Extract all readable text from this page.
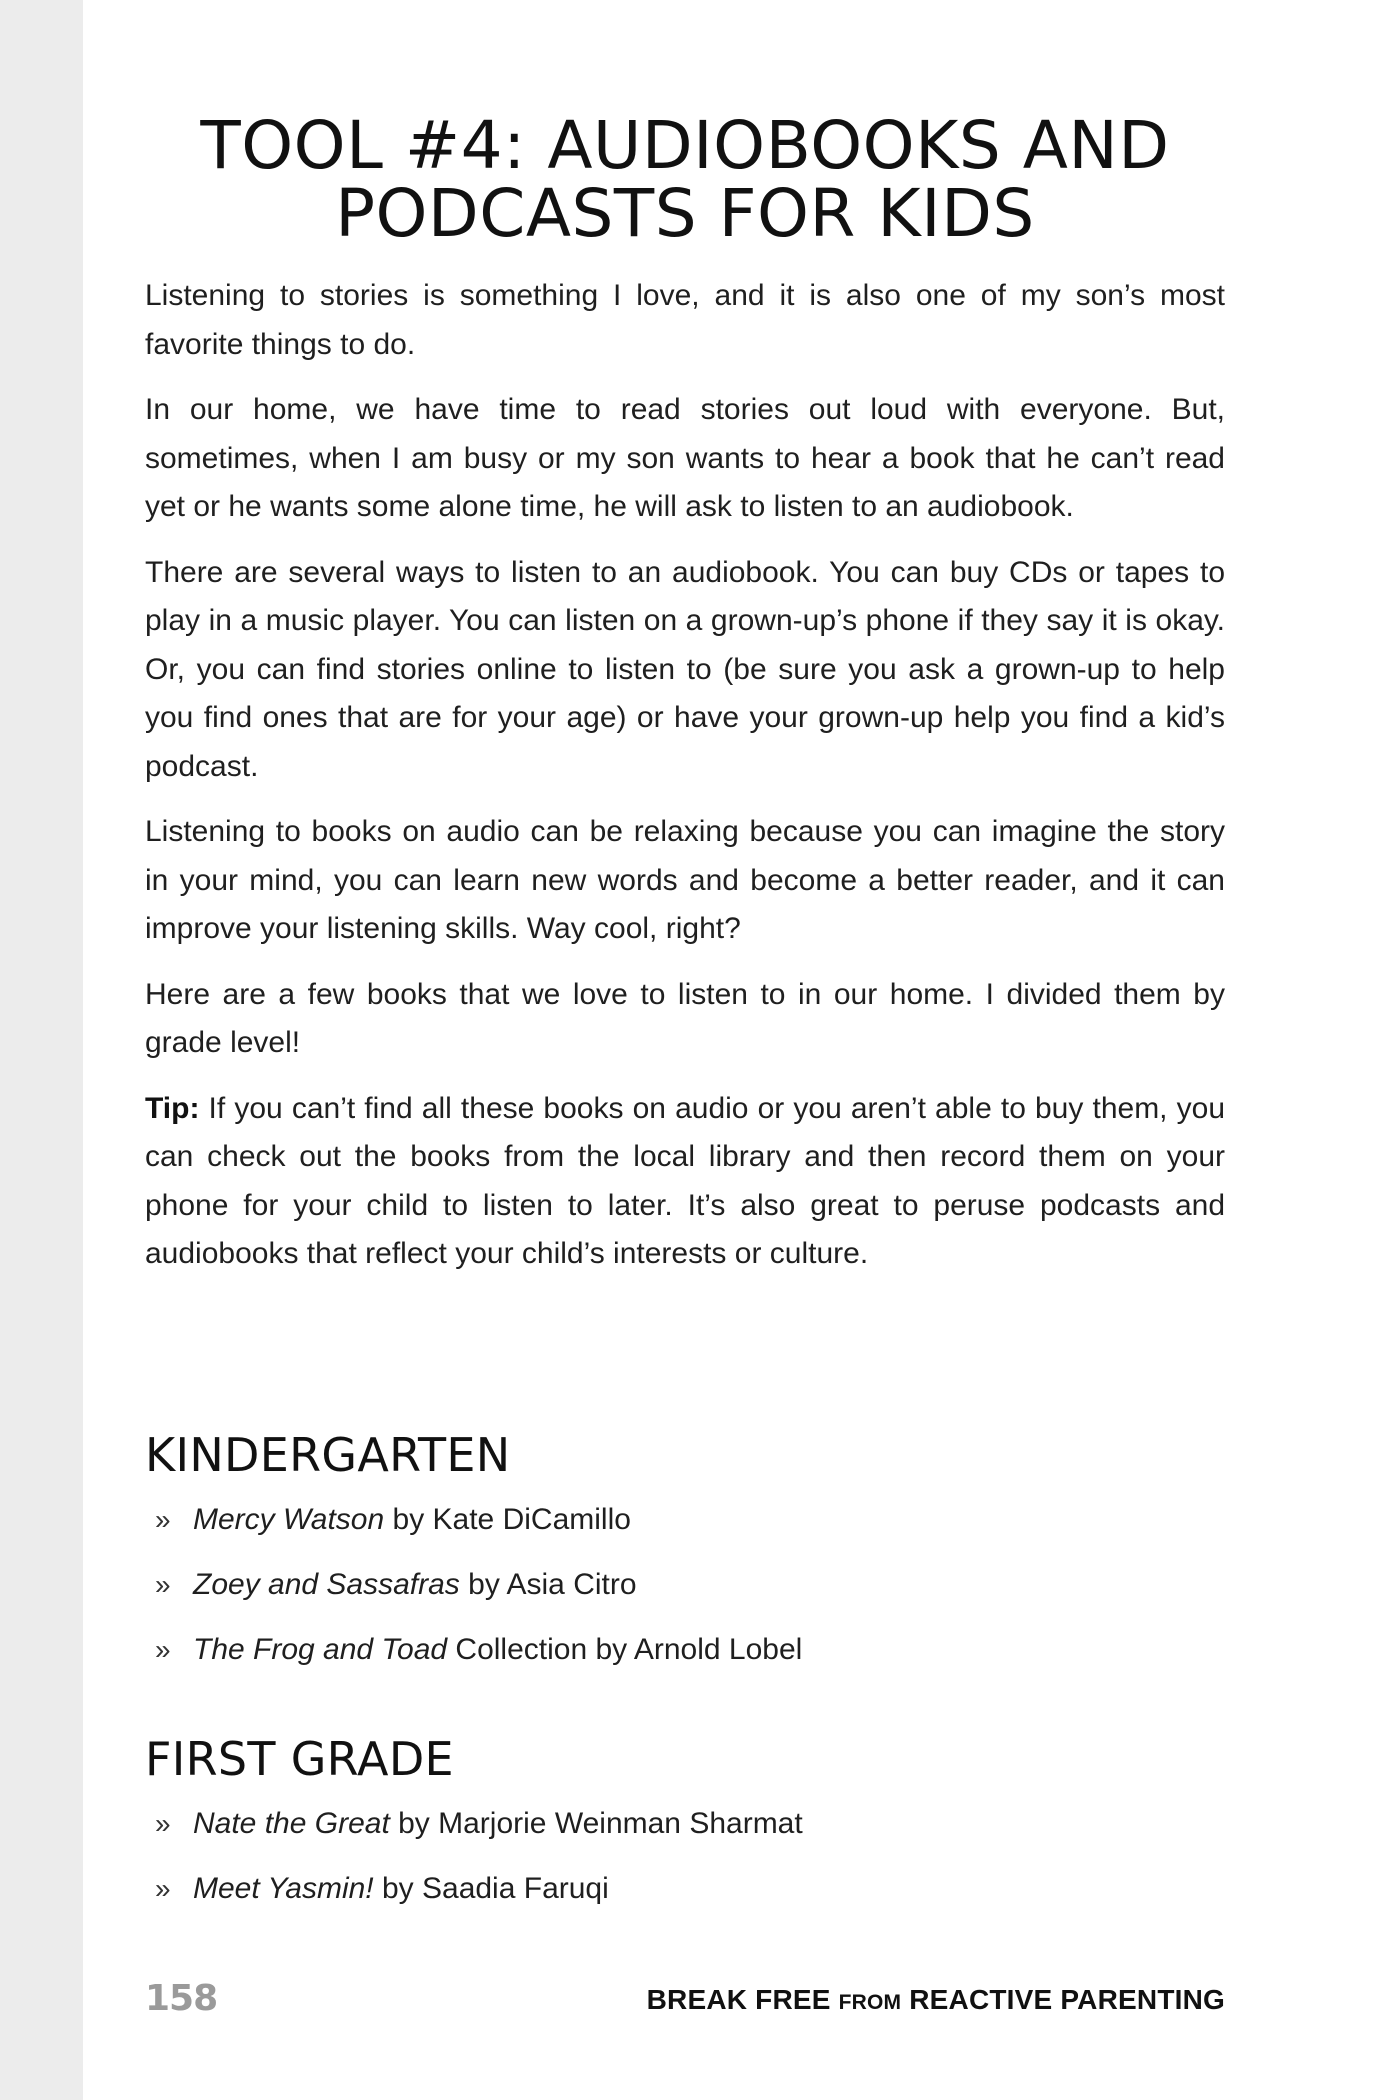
TOOL #4: AUDIOBOOKS AND
PODCASTS FOR KIDS

Listening to stories is something I love, and it is also one of my son’s most favorite things to do.

In our home, we have time to read stories out loud with everyone. But, sometimes, when I am busy or my son wants to hear a book that he can’t read yet or he wants some alone time, he will ask to listen to an audiobook.

There are several ways to listen to an audiobook. You can buy CDs or tapes to play in a music player. You can listen on a grown-up’s phone if they say it is okay. Or, you can find stories online to listen to (be sure you ask a grown-up to help you find ones that are for your age) or have your grown-up help you find a kid’s podcast.

Listening to books on audio can be relaxing because you can imagine the story in your mind, you can learn new words and become a better reader, and it can improve your listening skills. Way cool, right?

Here are a few books that we love to listen to in our home. I divided them by grade level!

Tip: If you can’t find all these books on audio or you aren’t able to buy them, you can check out the books from the local library and then record them on your phone for your child to listen to later. It’s also great to peruse podcasts and audiobooks that reflect your child’s interests or culture.

KINDERGARTEN
» Mercy Watson by Kate DiCamillo
» Zoey and Sassafras by Asia Citro
» The Frog and Toad Collection by Arnold Lobel
FIRST GRADE
» Nate the Great by Marjorie Weinman Sharmat
» Meet Yasmin! by Saadia Faruqi
158	BREAK FREE FROM REACTIVE PARENTING
